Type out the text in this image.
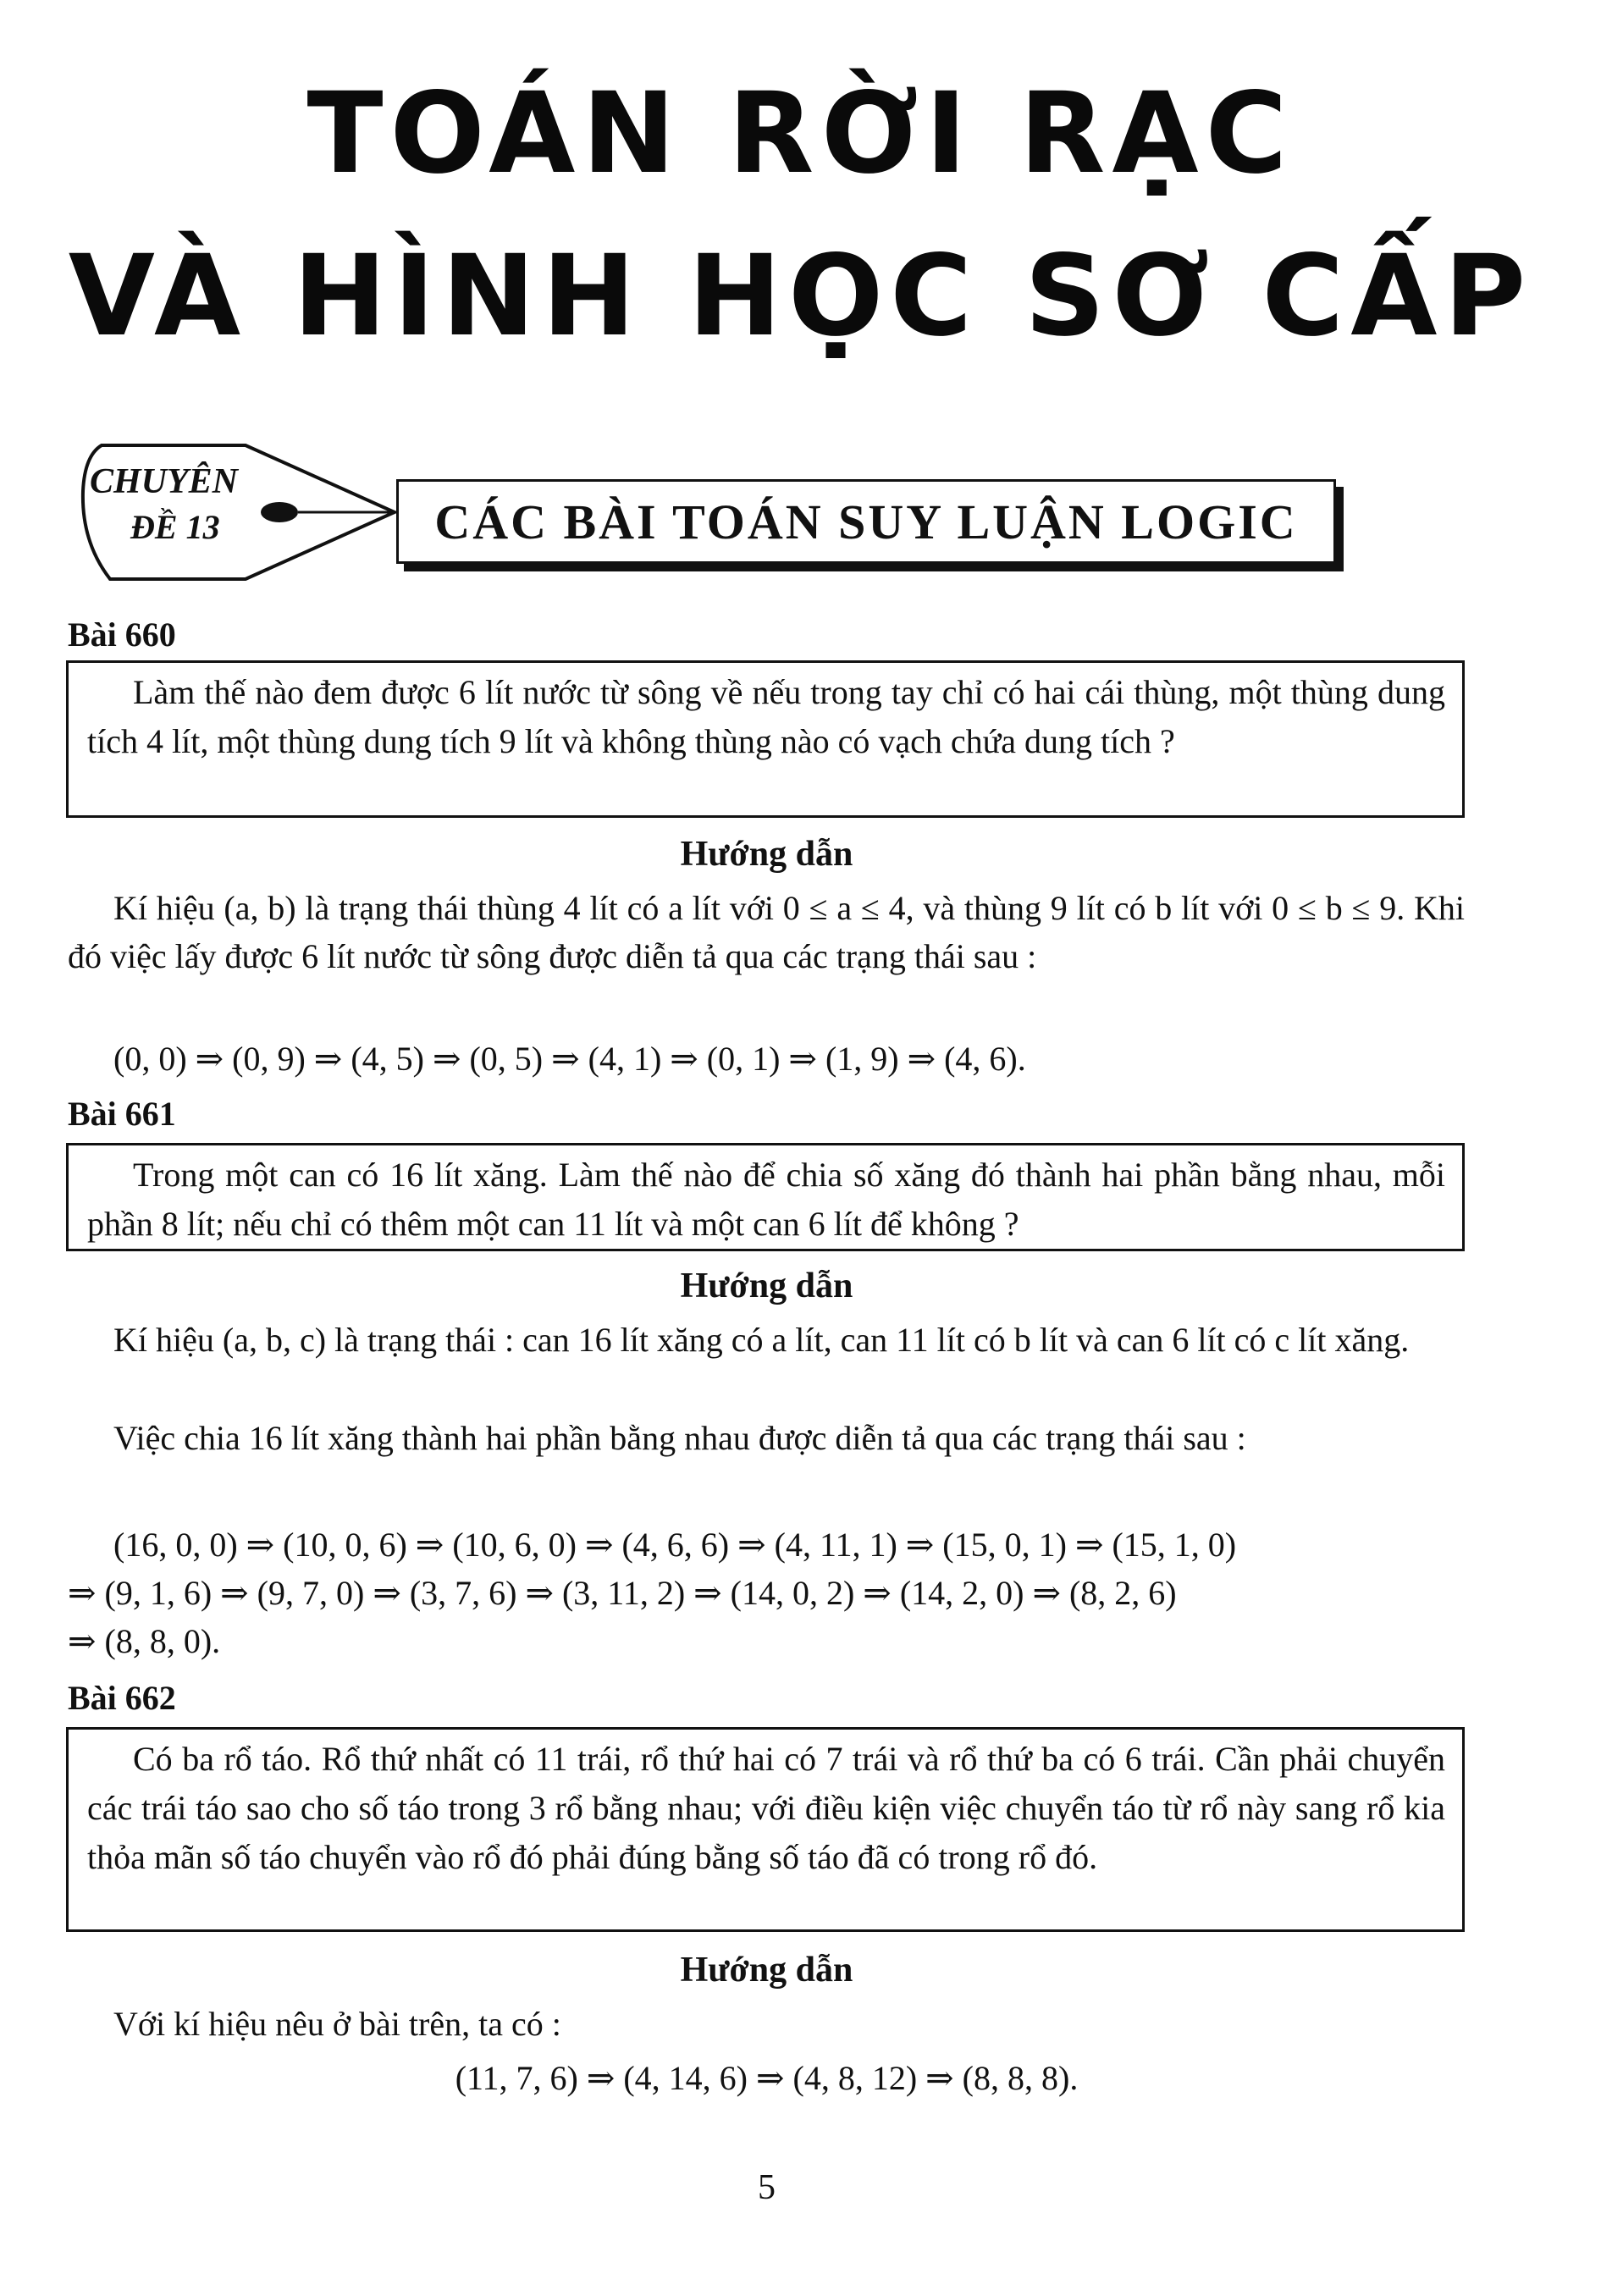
TOÁN RỜI RẠC
VÀ HÌNH HỌC SƠ CẤP
CHUYÊN
ĐỀ 13	CÁC BÀI TOÁN SUY LUẬN LOGIC
Bài 660
Làm thế nào đem được 6 lít nước từ sông về nếu trong tay chỉ có hai cái thùng, một thùng dung tích 4 lít, một thùng dung tích 9 lít và không thùng nào có vạch chứa dung tích ?
Hướng dẫn
Kí hiệu (a, b) là trạng thái thùng 4 lít có a lít với 0 ≤ a ≤ 4, và thùng 9 lít có b lít với 0 ≤ b ≤ 9. Khi đó việc lấy được 6 lít nước từ sông được diễn tả qua các trạng thái sau :
(0, 0) ⇒ (0, 9) ⇒ (4, 5) ⇒ (0, 5) ⇒ (4, 1) ⇒ (0, 1) ⇒ (1, 9) ⇒ (4, 6).
Bài 661
Trong một can có 16 lít xăng. Làm thế nào để chia số xăng đó thành hai phần bằng nhau, mỗi phần 8 lít; nếu chỉ có thêm một can 11 lít và một can 6 lít để không ?
Hướng dẫn
Kí hiệu (a, b, c) là trạng thái : can 16 lít xăng có a lít, can 11 lít có b lít và can 6 lít có c lít xăng.
Việc chia 16 lít xăng thành hai phần bằng nhau được diễn tả qua các trạng thái sau :
(16, 0, 0) ⇒ (10, 0, 6) ⇒ (10, 6, 0) ⇒ (4, 6, 6) ⇒ (4, 11, 1) ⇒ (15, 0, 1) ⇒ (15, 1, 0)
⇒ (9, 1, 6) ⇒ (9, 7, 0) ⇒ (3, 7, 6) ⇒ (3, 11, 2) ⇒ (14, 0, 2) ⇒ (14, 2, 0) ⇒ (8, 2, 6)
⇒ (8, 8, 0).
Bài 662
Có ba rổ táo. Rổ thứ nhất có 11 trái, rổ thứ hai có 7 trái và rổ thứ ba có 6 trái. Cần phải chuyển các trái táo sao cho số táo trong 3 rổ bằng nhau; với điều kiện việc chuyển táo từ rổ này sang rổ kia thỏa mãn số táo chuyển vào rổ đó phải đúng bằng số táo đã có trong rổ đó.
Hướng dẫn
Với kí hiệu nêu ở bài trên, ta có :
(11, 7, 6) ⇒ (4, 14, 6) ⇒ (4, 8, 12) ⇒ (8, 8, 8).
5
